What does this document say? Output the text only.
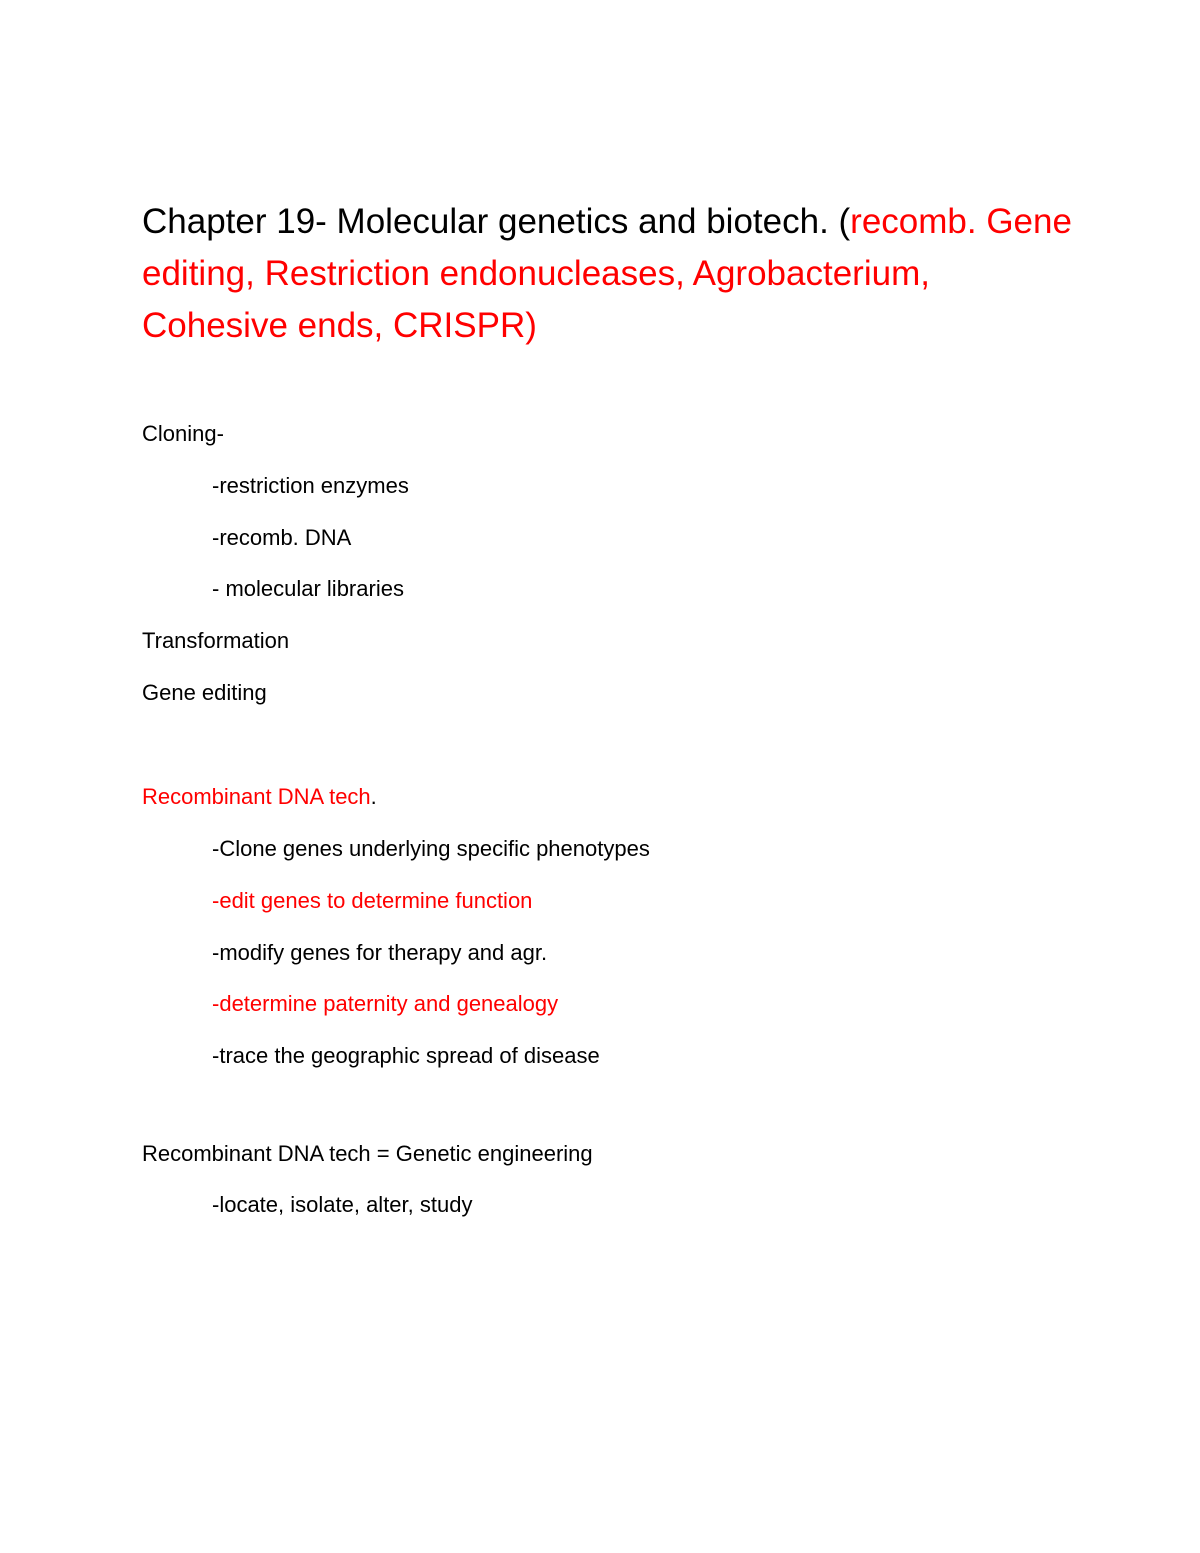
Chapter 19- Molecular genetics and biotech. (recomb. Gene editing, Restriction endonucleases, Agrobacterium, Cohesive ends, CRISPR)

Cloning-

-restriction enzymes

-recomb. DNA

- molecular libraries

Transformation

Gene editing

Recombinant DNA tech.

-Clone genes underlying specific phenotypes

-edit genes to determine function

-modify genes for therapy and agr.

-determine paternity and genealogy

-trace the geographic spread of disease

Recombinant DNA tech = Genetic engineering

-locate, isolate, alter, study
